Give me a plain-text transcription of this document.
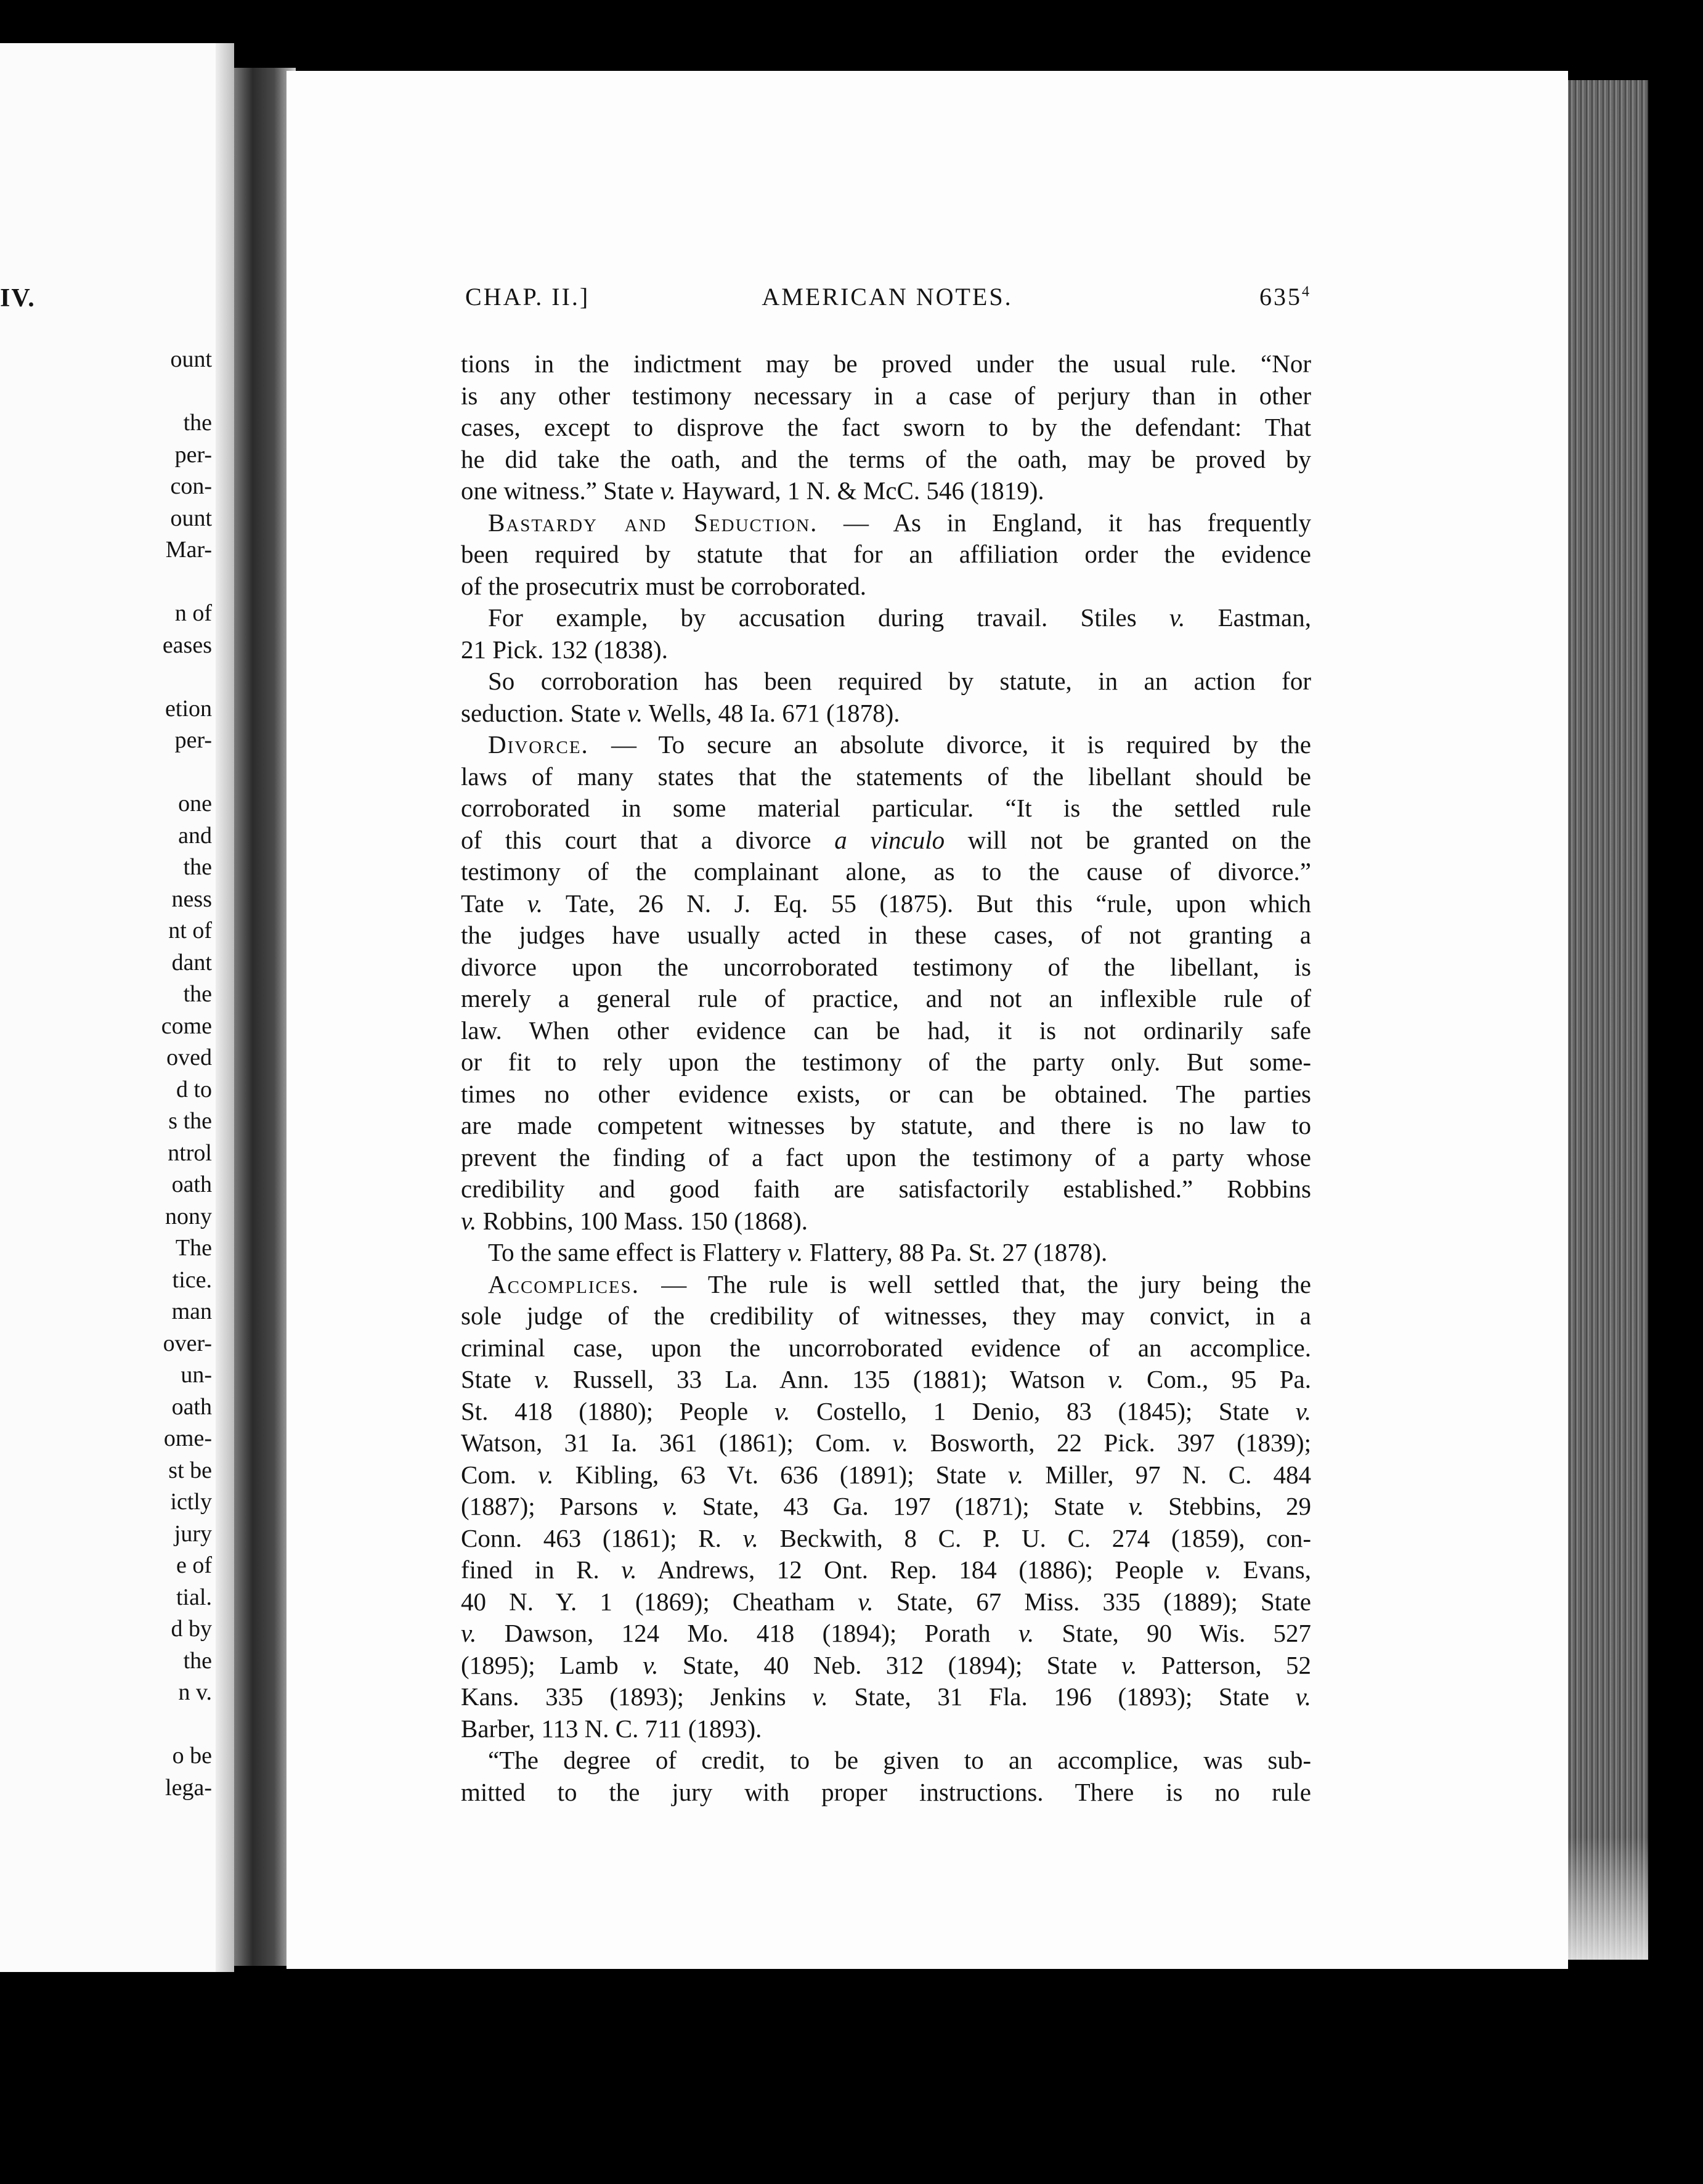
IV.
ount
the
per-
con-
ount
Mar-
n of
eases
etion
per-
one
and
the
ness
nt of
dant
the
come
oved
d to
s the
ntrol
oath
nony
The
tice.
man
over-
un-
oath
ome-
st be
ictly
jury
e of
tial.
d by
the
n v.
o be
lega-
CHAP. II.]	AMERICAN NOTES.	$635^4$
tions in the indictment may be proved under the usual rule. “Nor
is any other testimony necessary in a case of perjury than in other
cases, except to disprove the fact sworn to by the defendant: That
he did take the oath, and the terms of the oath, may be proved by
one witness.” State v. Hayward, 1 N. & McC. 546 (1819).
Bastardy and Seduction. — As in England, it has frequently
been required by statute that for an affiliation order the evidence
of the prosecutrix must be corroborated.
For example, by accusation during travail. Stiles v. Eastman,
21 Pick. 132 (1838).
So corroboration has been required by statute, in an action for
seduction. State v. Wells, 48 Ia. 671 (1878).
Divorce. — To secure an absolute divorce, it is required by the
laws of many states that the statements of the libellant should be
corroborated in some material particular. “It is the settled rule
of this court that a divorce a vinculo will not be granted on the
testimony of the complainant alone, as to the cause of divorce.”
Tate v. Tate, 26 N. J. Eq. 55 (1875). But this “rule, upon which
the judges have usually acted in these cases, of not granting a
divorce upon the uncorroborated testimony of the libellant, is
merely a general rule of practice, and not an inflexible rule of
law. When other evidence can be had, it is not ordinarily safe
or fit to rely upon the testimony of the party only. But some-
times no other evidence exists, or can be obtained. The parties
are made competent witnesses by statute, and there is no law to
prevent the finding of a fact upon the testimony of a party whose
credibility and good faith are satisfactorily established.” Robbins
v. Robbins, 100 Mass. 150 (1868).
To the same effect is Flattery v. Flattery, 88 Pa. St. 27 (1878).
Accomplices. — The rule is well settled that, the jury being the
sole judge of the credibility of witnesses, they may convict, in a
criminal case, upon the uncorroborated evidence of an accomplice.
State v. Russell, 33 La. Ann. 135 (1881); Watson v. Com., 95 Pa.
St. 418 (1880); People v. Costello, 1 Denio, 83 (1845); State v.
Watson, 31 Ia. 361 (1861); Com. v. Bosworth, 22 Pick. 397 (1839);
Com. v. Kibling, 63 Vt. 636 (1891); State v. Miller, 97 N. C. 484
(1887); Parsons v. State, 43 Ga. 197 (1871); State v. Stebbins, 29
Conn. 463 (1861); R. v. Beckwith, 8 C. P. U. C. 274 (1859), con-
fined in R. v. Andrews, 12 Ont. Rep. 184 (1886); People v. Evans,
40 N. Y. 1 (1869); Cheatham v. State, 67 Miss. 335 (1889); State
v. Dawson, 124 Mo. 418 (1894); Porath v. State, 90 Wis. 527
(1895); Lamb v. State, 40 Neb. 312 (1894); State v. Patterson, 52
Kans. 335 (1893); Jenkins v. State, 31 Fla. 196 (1893); State v.
Barber, 113 N. C. 711 (1893).
“The degree of credit, to be given to an accomplice, was sub-
mitted to the jury with proper instructions. There is no rule
